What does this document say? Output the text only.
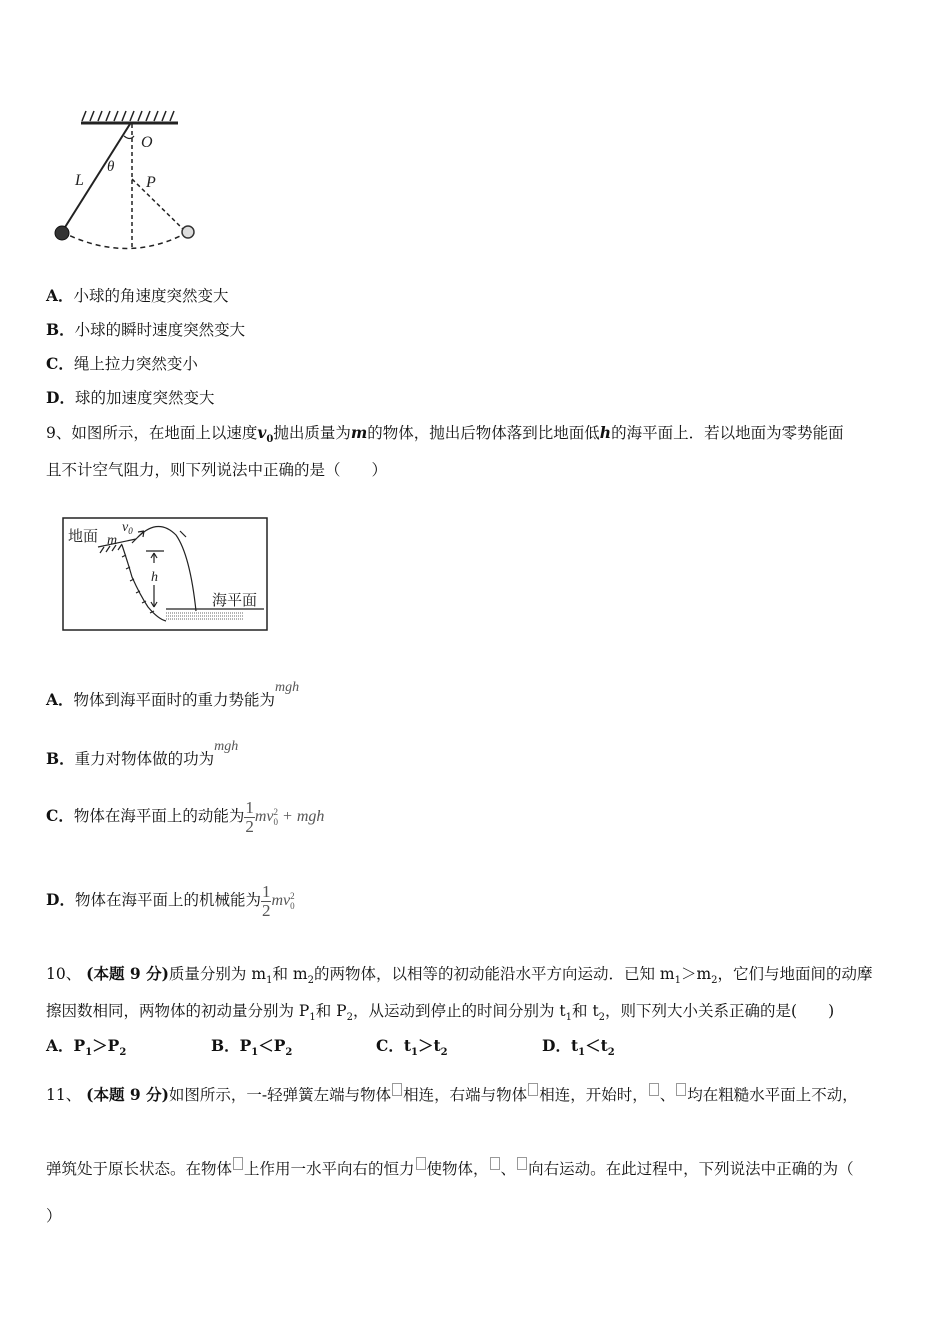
O
L
θ
P
A．小球的角速度突然变大
B．小球的瞬时速度突然变大
C．绳上拉力突然变小
D．球的加速度突然变大
9、如图所示，在地面上以速度$v_0$抛出质量为m的物体，抛出后物体落到比地面低h的海平面上．若以地面为零势能面
且不计空气阻力，则下列说法中正确的是（　　）
地面 $v_0$
m
h
海平面
A．物体到海平面时的重力势能为mgh
B．重力对物体做的功为mgh
C．物体在海平面上的动能为 $\frac{1}{2}$ mv 2
0 + mgh
D．物体在海平面上的机械能为 $\frac{1}{2}$ mv 2
0
10、 (本题 9 分)质量分别为 $m_1$和 $m_2$的两物体，以相等的初动能沿水平方向运动．已知 $m_1>m_2$，它们与地面间的动摩
擦因数相同，两物体的初动量分别为 $P_1$和 $P_2$，从运动到停止的时间分别为 $t_1$和 $t_2$，则下列大小关系正确的是(　　)
A．$P_1>P_2$	B．$P_1<P_2$	C．$t_1>t_2$	D．$t_1<t_2$
11、 (本题 9 分)如图所示，一-轻弹簧左端与物体 相连，右端与物体 相连，开始时， 、 均在粗糙水平面上不动，
弹筑处于原长状态。在物体 上作用一水平向右的恒力 使物体， 、 向右运动。在此过程中，下列说法中正确的为（
）
